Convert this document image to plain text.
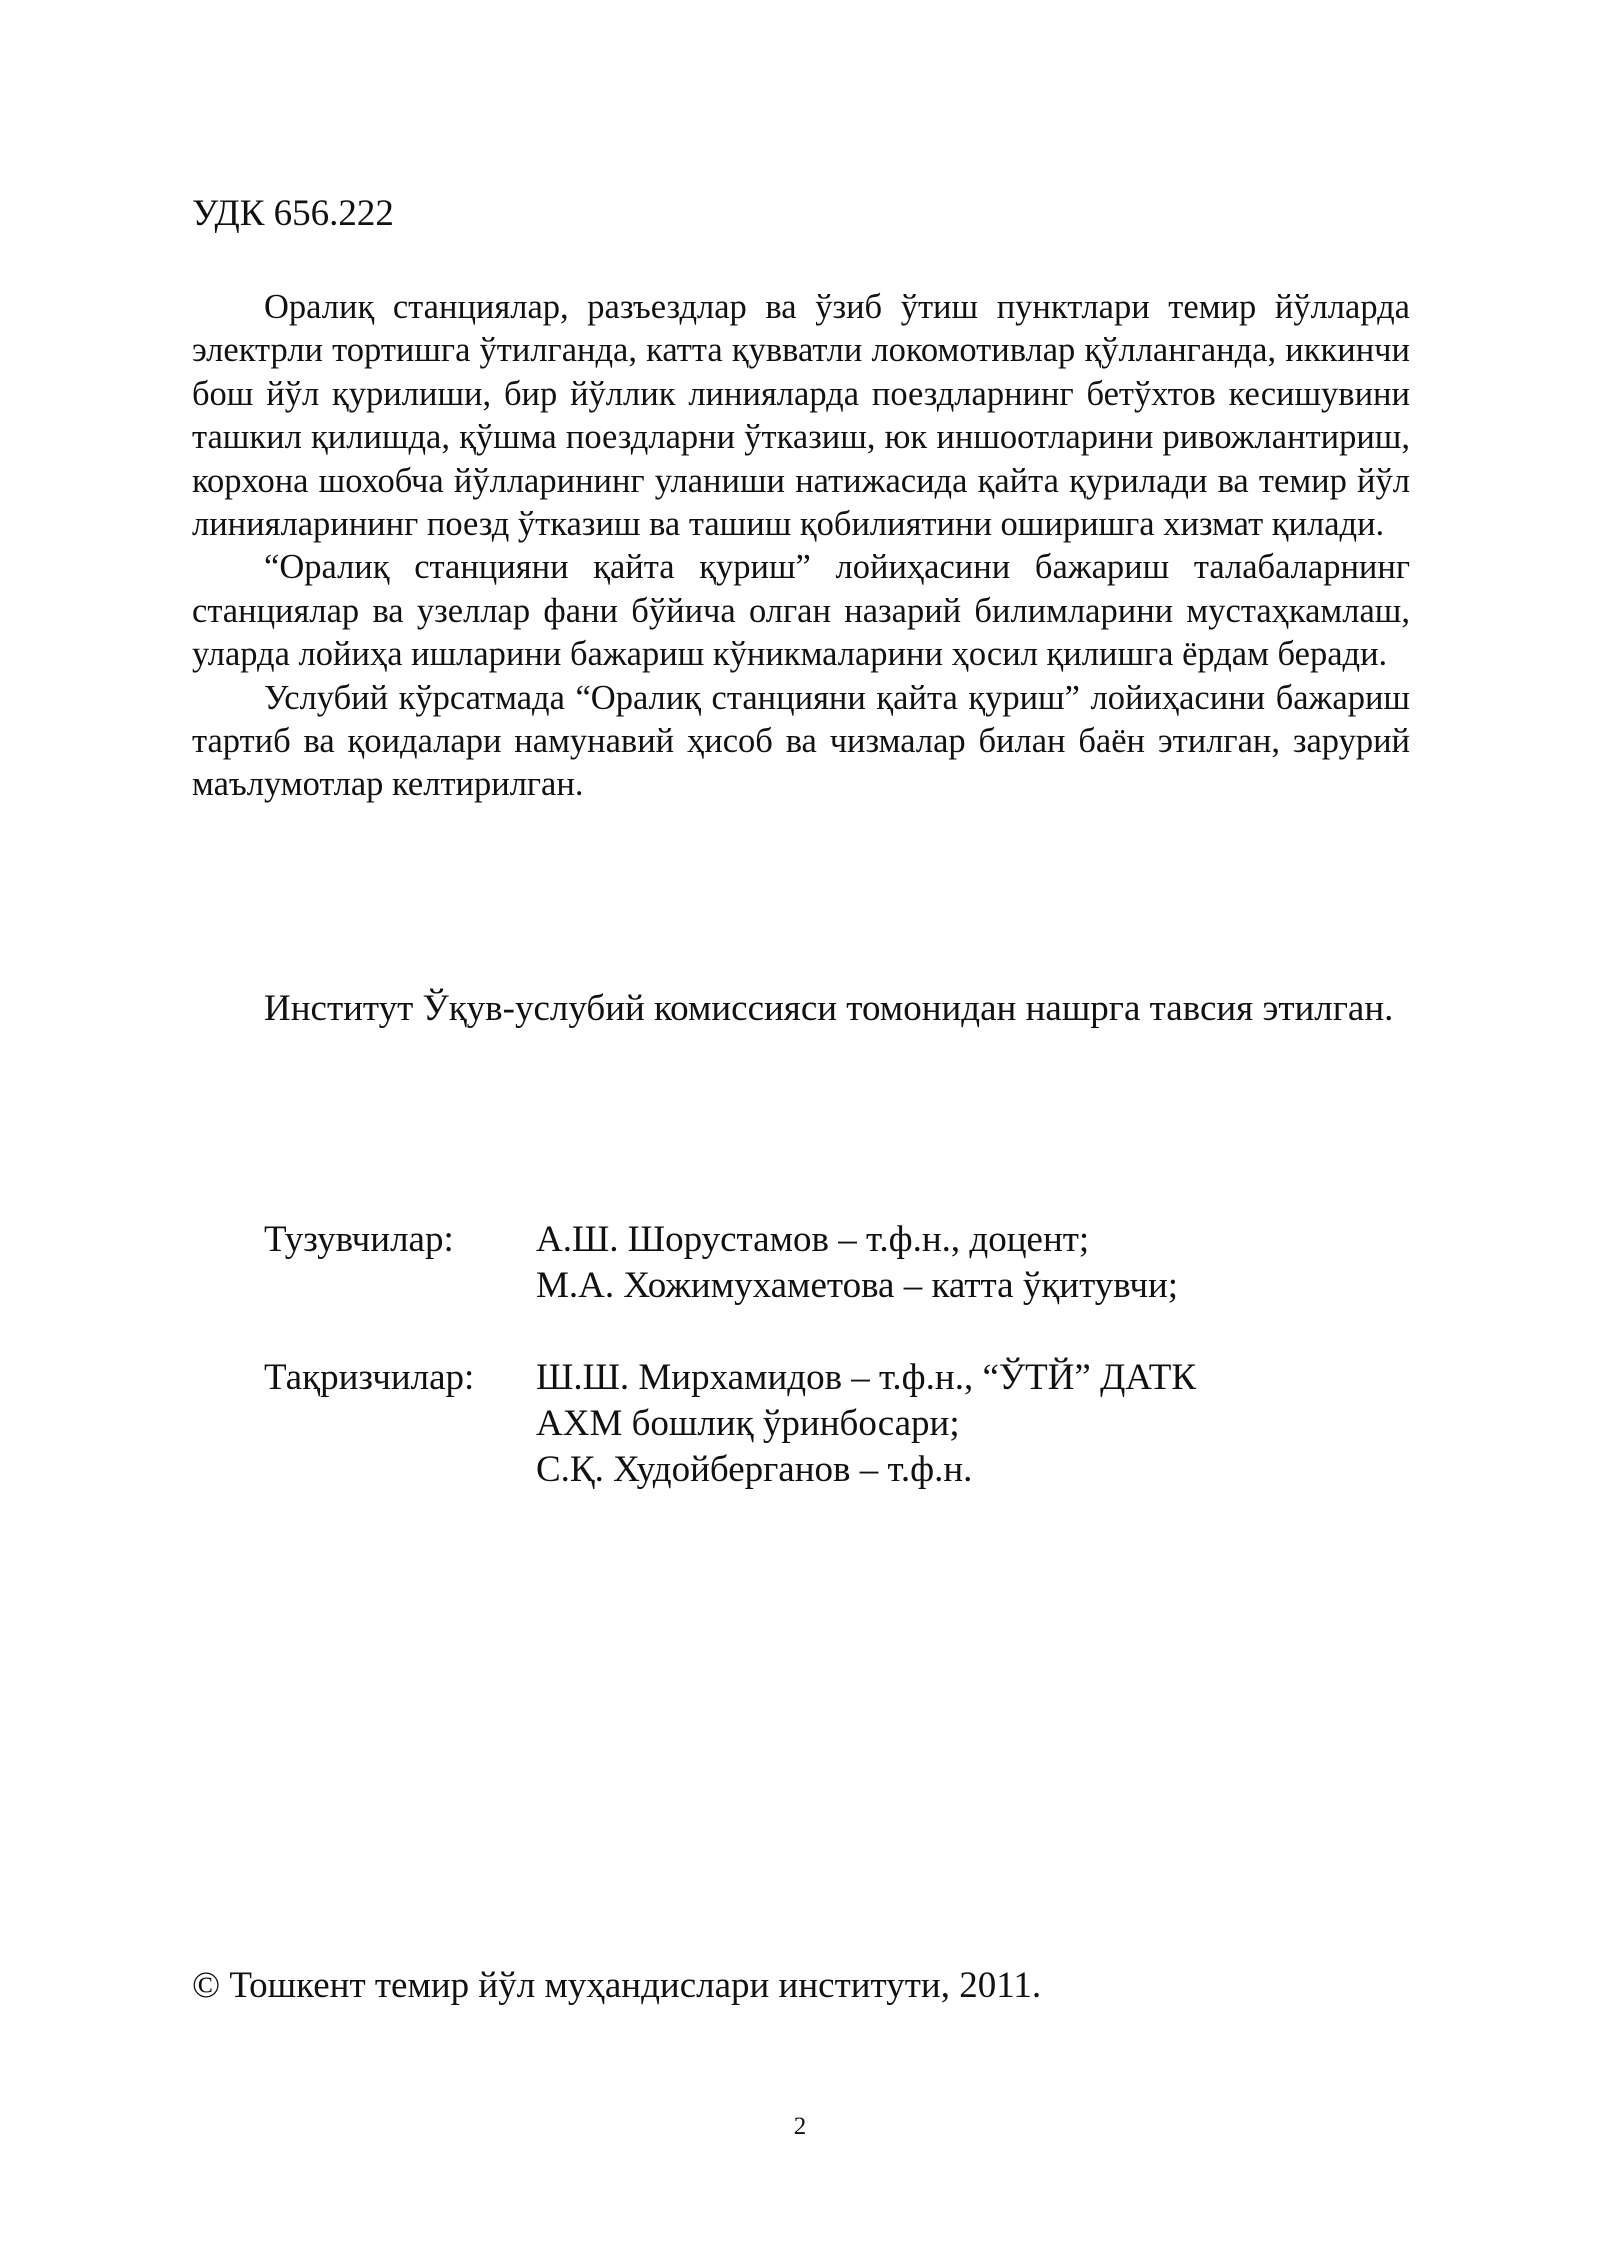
УДК 656.222

Оралиқ станциялар, разъездлар ва ўзиб ўтиш пунктлари темир йўлларда электрли тортишга ўтилганда, катта қувватли локомотивлар қўлланганда, иккинчи бош йўл қурилиши, бир йўллик линияларда поездларнинг бетўхтов кесишувини ташкил қилишда, қўшма поездларни ўтказиш, юк иншоотларини ривожлантириш, корхона шохобча йўлларининг уланиши натижасида қайта қурилади ва темир йўл линияларининг поезд ўтказиш ва ташиш қобилиятини оширишга хизмат қилади.

“Оралиқ станцияни қайта қуриш” лойиҳасини бажариш талабаларнинг станциялар ва узеллар фани бўйича олган назарий билимларини мустаҳкамлаш, уларда лойиҳа ишларини бажариш кўникмаларини ҳосил қилишга ёрдам беради.

Услубий кўрсатмада “Оралиқ станцияни қайта қуриш” лойиҳасини бажариш тартиб ва қоидалари намунавий ҳисоб ва чизмалар билан баён этилган, зарурий маълумотлар келтирилган.

Институт Ўқув-услубий комиссияси томонидан нашрга тавсия этилган.

Тузувчилар: А.Ш. Шорустамов – т.ф.н., доцент;
М.А. Хожимухаметова – катта ўқитувчи;
Тақризчилар: Ш.Ш. Мирхамидов – т.ф.н., “ЎТЙ” ДАТК
АХМ бошлиқ ўринбосари;
С.Қ. Худойберганов – т.ф.н.

© Тошкент темир йўл муҳандислари институти, 2011.

2
